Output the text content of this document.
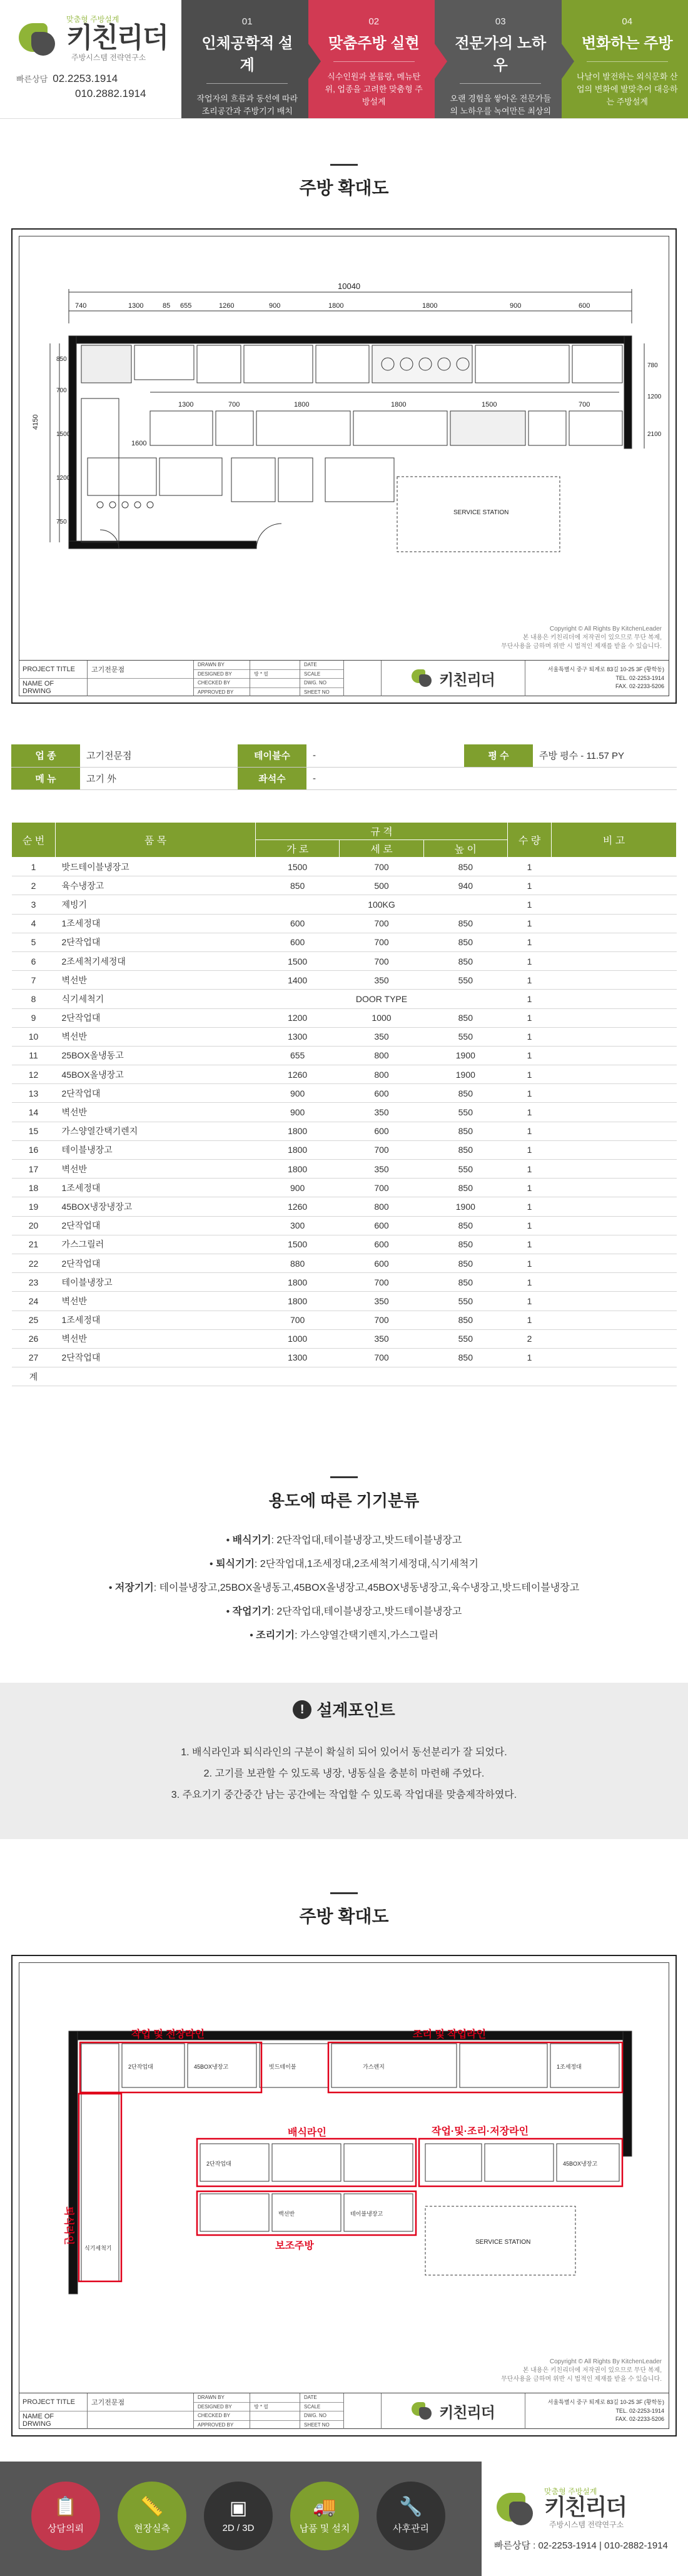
맞춤형 주방설계
키친리더
주방시스템 전략연구소
빠른상담 02.2253.1914
010.2882.1914
01
인체공학적 설계
작업자의 흐름과 동선에 따라 조리공간과 주방기기 배치
02
맞춤주방 실현
식수인원과 볼륨량, 메뉴탄위, 업종을 고려한 맞춤형 주방설계
03
전문가의 노하우
오랜 경험을 쌓아온 전문가들의 노하우를 녹여만든 최상의 솔루션
04
변화하는 주방
나날이 발전하는 외식문화 산업의 변화에 발맞추어 대응하는 주방설계
주방 확대도
740	1300	85 655	1260	900	1800	1800	900	600
10040
1300	700	1800	1800	1500	700
4150
850
700
1500
1200
750
1600
780
1200
2100
SERVICE STATION
Copyright © All Rights By KitchenLeader
본 내용은 키친리더에 저작권이 있으므로 무단 복제,
무단사용을 금하며 위반 시 법적인 제재를 받을 수 있습니다.
PROJECT TITLE
NAME OF DRWING
고기전문점
DRAWN BY
DESIGNED BY
CHECKED BY
APPROVED BY
방 * 필
DATE
SCALE
DWG. NO
SHEET NO
키친리더
서울특별시 중구 퇴계로 83길 10-25 3F (황학동)
TEL. 02-2253-1914
FAX. 02-2233-5206
업 종	고기전문점	테이블수	-	평 수	주방 평수 - 11.57 PY
메 뉴	고기 外	좌석수	-		
순 번	품 목	규 격			수 량	비 고
		가 로	세 로	높 이		
1	밧드테이블냉장고	1500	700	850	1	
2	육수냉장고	850	500	940	1	
3	제빙기	100KG			1	
4	1조세정대	600	700	850	1	
5	2단작업대	600	700	850	1	
6	2조세척기세정대	1500	700	850	1	
7	벽선반	1400	350	550	1	
8	식기세척기	DOOR TYPE			1	
9	2단작업대	1200	1000	850	1	
10	벽선반	1300	350	550	1	
11	25BOX올냉동고	655	800	1900	1	
12	45BOX올냉장고	1260	800	1900	1	
13	2단작업대	900	600	850	1	
14	벽선반	900	350	550	1	
15	가스양열간택기렌지	1800	600	850	1	
16	테이블냉장고	1800	700	850	1	
17	벽선반	1800	350	550	1	
18	1조세정대	900	700	850	1	
19	45BOX냉장냉장고	1260	800	1900	1	
20	2단작업대	300	600	850	1	
21	가스그릴러	1500	600	850	1	
22	2단작업대	880	600	850	1	
23	테이블냉장고	1800	700	850	1	
24	벽선반	1800	350	550	1	
25	1조세정대	700	700	850	1	
26	벽선반	1000	350	550	2	
27	2단작업대	1300	700	850	1	
계						
용도에 따른 기기분류
• 배식기기: 2단작업대,테이블냉장고,밧드테이블냉장고
• 퇴식기기: 2단작업대,1조세정대,2조세척기세정대,식기세척기
• 저장기기: 테이블냉장고,25BOX올냉동고,45BOX올냉장고,45BOX냉동냉장고,육수냉장고,밧드테이블냉장고
• 작업기기: 2단작업대,테이블냉장고,밧드테이블냉장고
• 조리기기: 가스양열간택기렌지,가스그릴러
! 설계포인트
1. 배식라인과 퇴식라인의 구분이 확실히 되어 있어서 동선분리가 잘 되었다.
2. 고기를 보관할 수 있도록 냉장, 냉동실을 충분히 마련해 주었다.
3. 주요기기 중간중간 남는 공간에는 작업할 수 있도록 작업대를 맞춤제작하였다.
주방 확대도
작업 및 전장라인	조리 및 작업라인
작업·및·조리·저장라인
퇴식라인
배식라인
보조주방
2단작업대	45BOX냉장고	빗드테이블	가스렌지	1조세정대
식기세척기
2단작업대	45BOX냉장고
백선반	테이블냉장고
SERVICE STATION
Copyright © All Rights By KitchenLeader
본 내용은 키친리더에 저작권이 있으므로 무단 복제,
무단사용을 금하며 위반 시 법적인 제재를 받을 수 있습니다.
PROJECT TITLE
NAME OF DRWING
고기전문점
DRAWN BY
DESIGNED BY
CHECKED BY
APPROVED BY
방 * 필
DATE
SCALE
DWG. NO
SHEET NO
키친리더
서울특별시 중구 퇴계로 83길 10-25 3F (황학동)
TEL. 02-2253-1914
FAX. 02-2233-5206
📋
상담의뢰
📏
현장실측
▣
2D / 3D
🚚
납품 및 설치
🔧
사후관리
맞춤형 주방설계
키친리더
주방시스템 전략연구소
빠른상담 : 02-2253-1914 | 010-2882-1914
